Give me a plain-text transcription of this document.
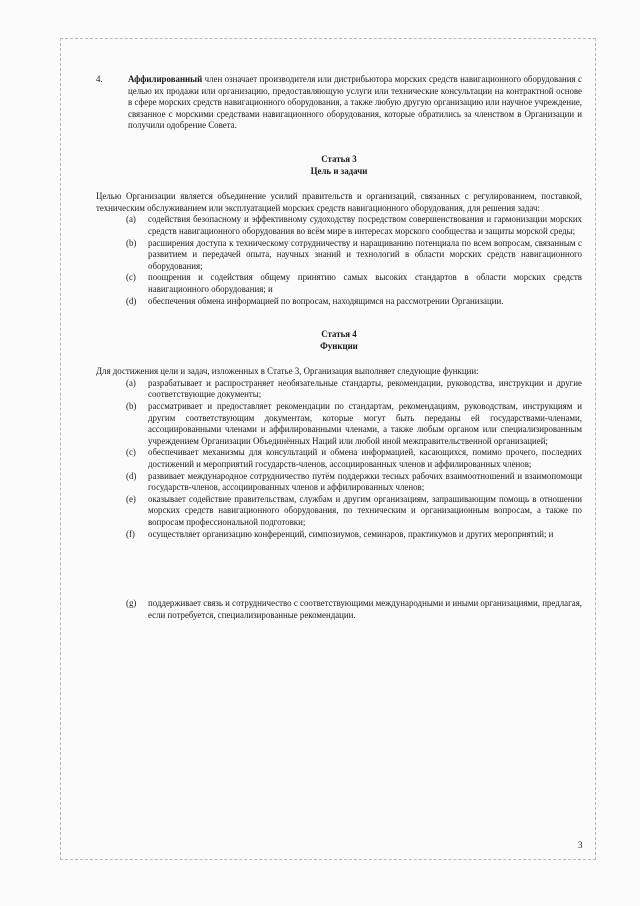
4.	Аффилированный член означает производителя или дистрибьютора морских средств навигационного оборудования с целью их продажи или организацию, предоставляющую услуги или технические консультации на контрактной основе в сфере морских средств навигационного оборудования, а также любую другую организацию или научное учреждение, связанное с морскими средствами навигационного оборудования, которые обратились за членством в Организации и получили одобрение Совета.

Статья 3

Цель и задачи

Целью Организации является объединение усилий правительств и организаций, связанных с регулированием, поставкой, техническим обслуживанием или эксплуатацией морских средств навигационного оборудования, для решения задач:

(a)	содействия безопасному и эффективному судоходству посредством совершенствования и гармонизации морских средств навигационного оборудования во всём мире в интересах морского сообщества и защиты морской среды;
(b)	расширения доступа к техническому сотрудничеству и наращиванию потенциала по всем вопросам, связанным с развитием и передачей опыта, научных знаний и технологий в области морских средств навигационного оборудования;
(c)	поощрения и содействия общему принятию самых высоких стандартов в области морских средств навигационного оборудования; и
(d)	обеспечения обмена информацией по вопросам, находящимся на рассмотрении Организации.

Статья 4

Функции

Для достижения цели и задач, изложенных в Статье 3, Организация выполняет следующие функции:

(a)	разрабатывает и распространяет необязательные стандарты, рекомендации, руководства, инструкции и другие соответствующие документы;
(b)	рассматривает и предоставляет рекомендации по стандартам, рекомендациям, руководствам, инструкциям и другим соответствующим документам, которые могут быть переданы ей государствами-членами, ассоциированными членами и аффилированными членами, а также любым органом или специализированным учреждением Организации Объединённых Наций или любой иной межправительственной организацией;
(c)	обеспечивает механизмы для консультаций и обмена информацией, касающихся, помимо прочего, последних достижений и мероприятий государств-членов, ассоциированных членов и аффилированных членов;
(d)	развивает международное сотрудничество путём поддержки тесных рабочих взаимоотношений и взаимопомощи государств-членов, ассоциированных членов и аффилированных членов;
(e)	оказывает содействие правительствам, службам и другим организациям, запрашивающим помощь в отношении морских средств навигационного оборудования, по техническим и организационным вопросам, а также по вопросам профессиональной подготовки;
(f)	осуществляет организацию конференций, симпозиумов, семинаров, практикумов и других мероприятий; и
(g)	поддерживает связь и сотрудничество с соответствующими международными и иными организациями, предлагая, если потребуется, специализированные рекомендации.
3
